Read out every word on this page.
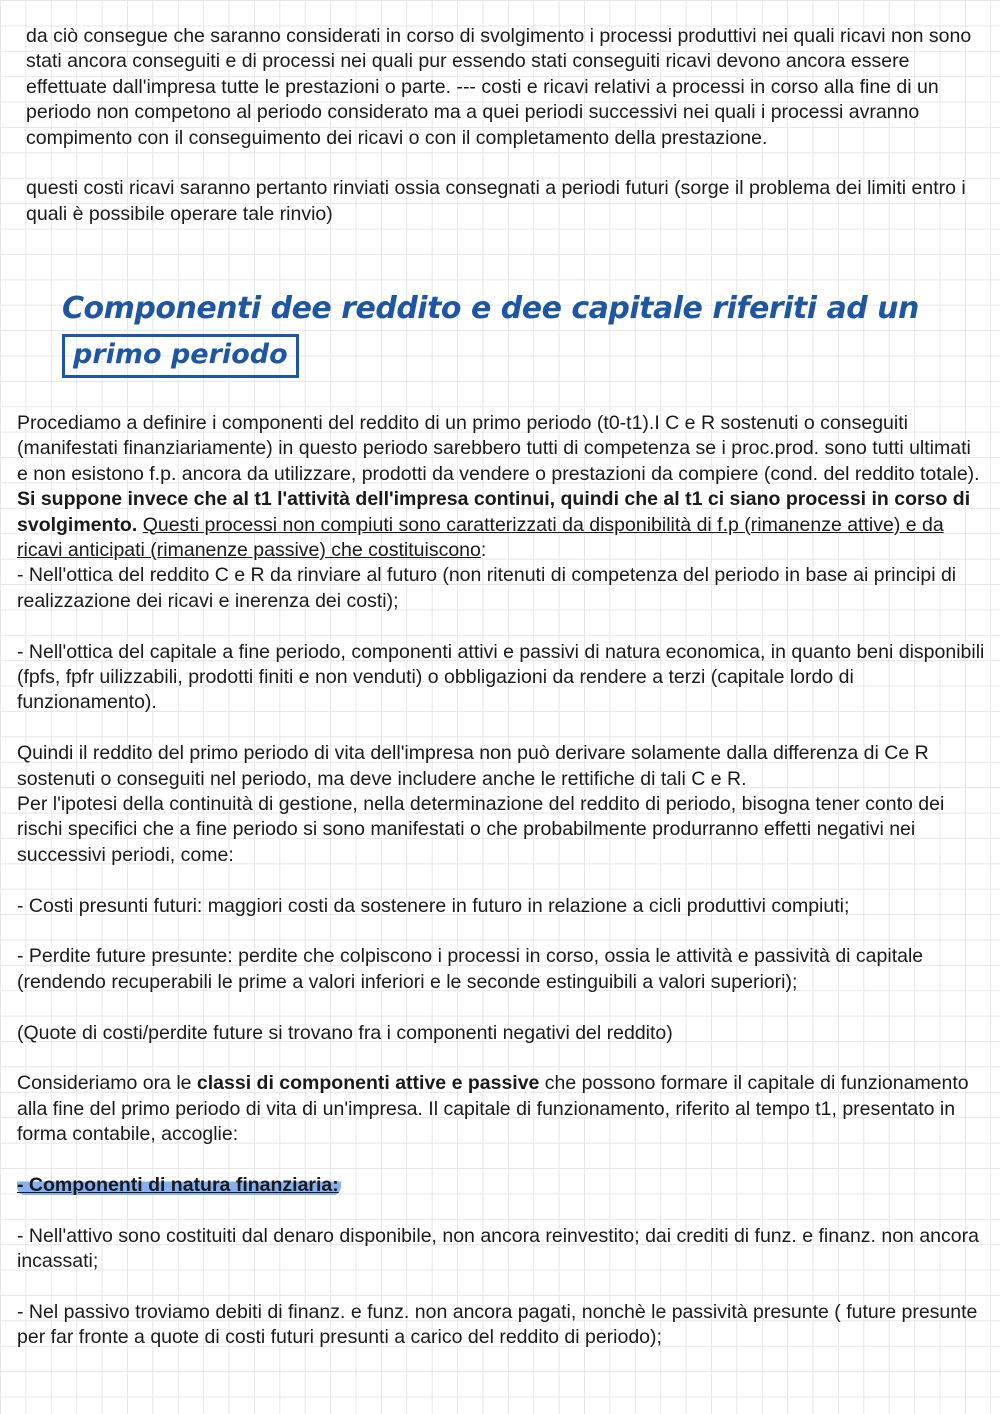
da ciò consegue che saranno considerati in corso di svolgimento i processi produttivi nei quali ricavi non sono stati ancora conseguiti e di processi nei quali pur essendo stati conseguiti ricavi devono ancora essere effettuate dall'impresa tutte le prestazioni o parte. --- costi e ricavi relativi a processi in corso alla fine di un periodo non competono al periodo considerato ma a quei periodi successivi nei quali i processi avranno compimento con il conseguimento dei ricavi o con il completamento della prestazione.

questi costi ricavi saranno pertanto rinviati ossia consegnati a periodi futuri (sorge il problema dei limiti entro i quali è possibile operare tale rinvio)

Componenti dee reddito e dee capitale riferiti ad un
primo periodo

Procediamo a definire i componenti del reddito di un primo periodo (t0-t1).I C e R sostenuti o conseguiti (manifestati finanziariamente) in questo periodo sarebbero tutti di competenza se i proc.prod. sono tutti ultimati e non esistono f.p. ancora da utilizzare, prodotti da vendere o prestazioni da compiere (cond. del reddito totale). Si suppone invece che al t1 l'attività dell'impresa continui, quindi che al t1 ci siano processi in corso di svolgimento. Questi processi non compiuti sono caratterizzati da disponibilità di f.p (rimanenze attive) e da ricavi anticipati (rimanenze passive) che costituiscono:

- Nell'ottica del reddito C e R da rinviare al futuro (non ritenuti di competenza del periodo in base ai principi di realizzazione dei ricavi e inerenza dei costi);

- Nell'ottica del capitale a fine periodo, componenti attivi e passivi di natura economica, in quanto beni disponibili (fpfs, fpfr uilizzabili, prodotti finiti e non venduti) o obbligazioni da rendere a terzi (capitale lordo di funzionamento).

Quindi il reddito del primo periodo di vita dell'impresa non può derivare solamente dalla differenza di Ce R sostenuti o conseguiti nel periodo, ma deve includere anche le rettifiche di tali C e R.

Per l'ipotesi della continuità di gestione, nella determinazione del reddito di periodo, bisogna tener conto dei rischi specifici che a fine periodo si sono manifestati o che probabilmente produrranno effetti negativi nei successivi periodi, come:

- Costi presunti futuri: maggiori costi da sostenere in futuro in relazione a cicli produttivi compiuti;

- Perdite future presunte: perdite che colpiscono i processi in corso, ossia le attività e passività di capitale (rendendo recuperabili le prime a valori inferiori e le seconde estinguibili a valori superiori);

(Quote di costi/perdite future si trovano fra i componenti negativi del reddito)

Consideriamo ora le classi di componenti attive e passive che possono formare il capitale di funzionamento alla fine del primo periodo di vita di un'impresa. Il capitale di funzionamento, riferito al tempo t1, presentato in forma contabile, accoglie:

- Componenti di natura finanziaria:

- Nell'attivo sono costituiti dal denaro disponibile, non ancora reinvestito; dai crediti di funz. e finanz. non ancora incassati;

- Nel passivo troviamo debiti di finanz. e funz. non ancora pagati, nonchè le passività presunte ( future presunte per far fronte a quote di costi futuri presunti a carico del reddito di periodo);
